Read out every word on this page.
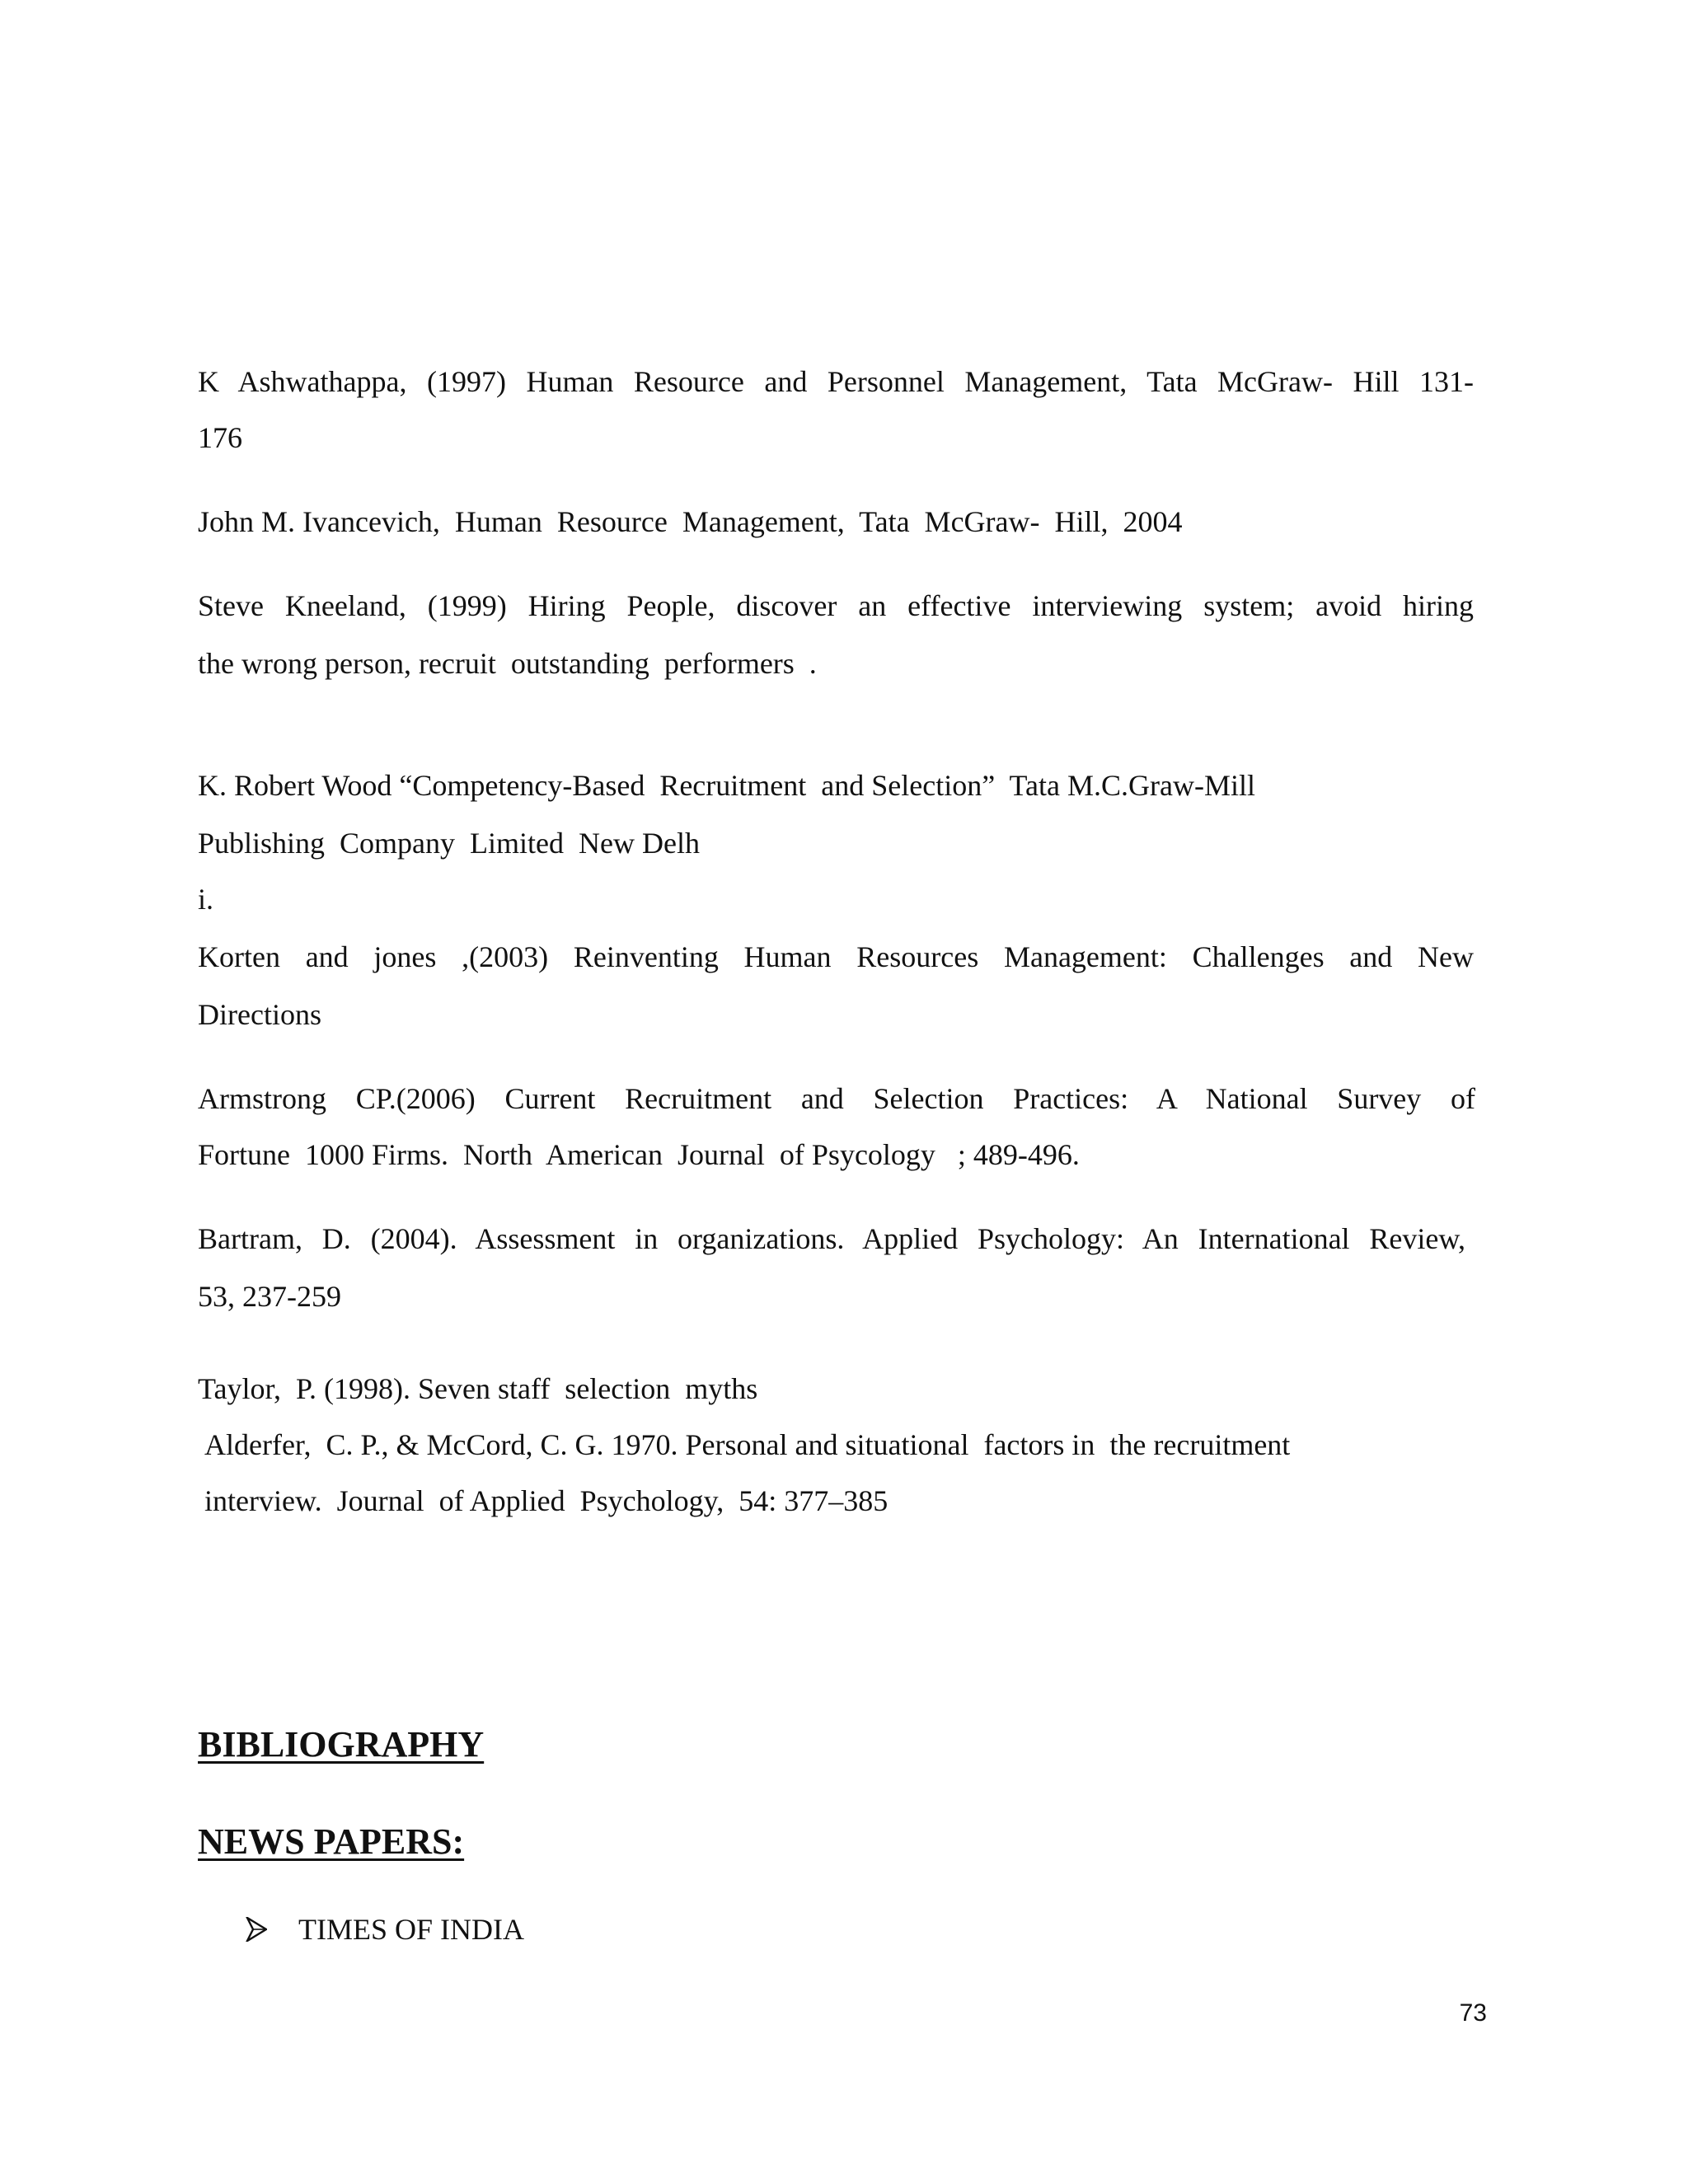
K Ashwathappa, (1997) Human Resource and Personnel Management, Tata McGraw- Hill 131-
176
John M. Ivancevich,  Human  Resource  Management,  Tata  McGraw-  Hill,  2004
Steve Kneeland, (1999) Hiring People, discover an effective interviewing system; avoid hiring
the wrong person, recruit  outstanding  performers  .
K. Robert Wood “Competency-Based  Recruitment  and Selection”  Tata M.C.Graw-Mill
Publishing  Company  Limited  New Delh
i.
Korten and jones ,(2003) Reinventing Human Resources Management: Challenges and New
Directions
Armstrong CP.(2006) Current Recruitment and Selection Practices: A National Survey of
Fortune  1000 Firms.  North  American  Journal  of Psycology   ; 489-496.
Bartram, D. (2004). Assessment in organizations. Applied Psychology: An International Review,
53, 237-259
Taylor,  P. (1998). Seven staff  selection  myths
Alderfer,  C. P., & McCord, C. G. 1970. Personal and situational  factors in  the recruitment
interview.  Journal  of Applied  Psychology,  54: 377–385
BIBLIOGRAPHY
NEWS PAPERS:
TIMES OF INDIA
73
